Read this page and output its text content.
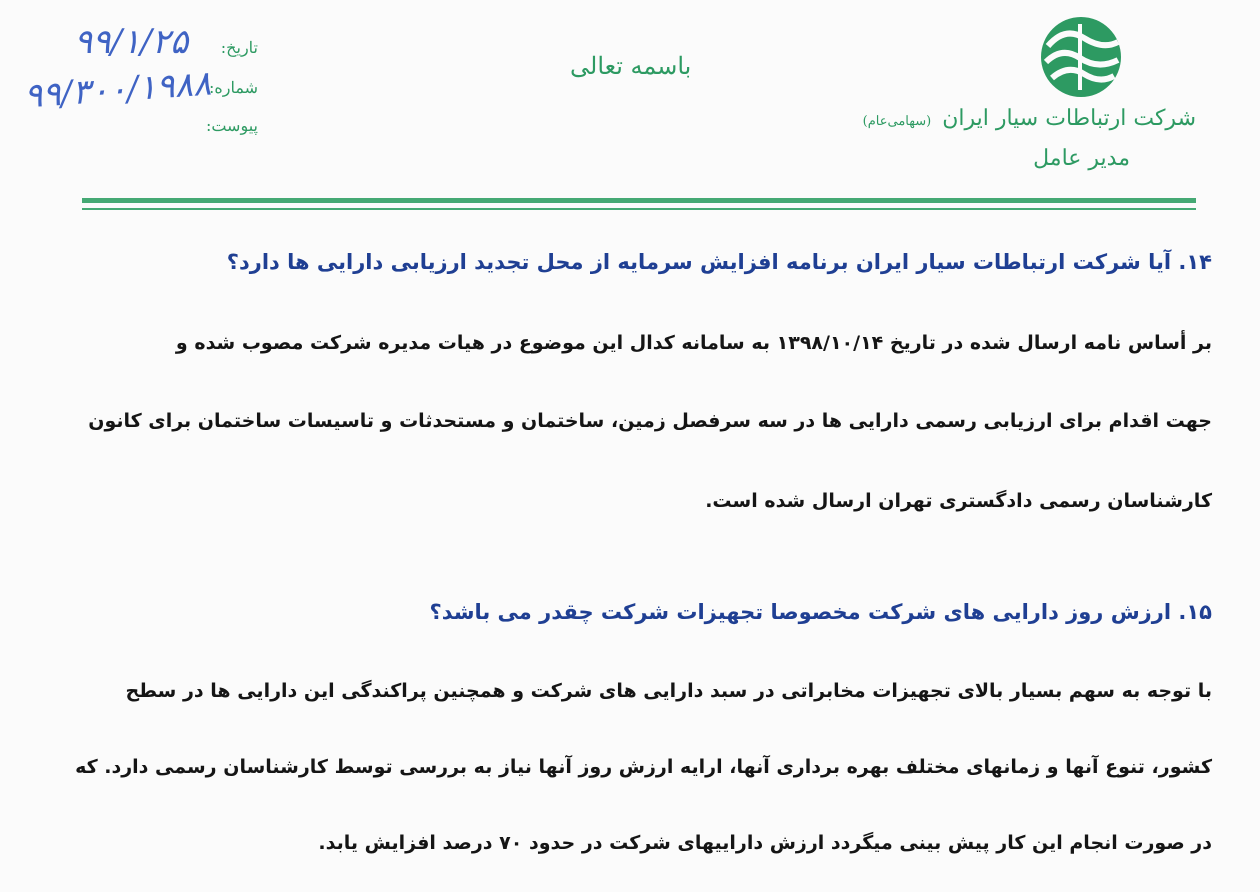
شرکت ارتباطات سیار ایران (سهامی‌عام)
مدیر عامل
باسمه تعالی
تاریخ:
شماره:
پیوست:
۹۹/۱/۲۵
۹۹/۳۰۰/۱۹۸۸
۱۴. آیا شرکت ارتباطات سیار ایران برنامه افزایش سرمایه از محل تجدید ارزیابی دارایی ها دارد؟
بر أساس نامه ارسال شده در تاریخ ۱۳۹۸/۱۰/۱۴ به سامانه کدال این موضوع در هیات مدیره شرکت مصوب شده و
جهت اقدام برای ارزیابی رسمی دارایی ها در سه سرفصل زمین، ساختمان و مستحدثات و تاسیسات ساختمان برای کانون
کارشناسان رسمی دادگستری تهران ارسال شده است.
۱۵. ارزش روز دارایی های شرکت مخصوصا تجهیزات شرکت چقدر می باشد؟
با توجه به سهم بسیار بالای تجهیزات مخابراتی در سبد دارایی های شرکت و همچنین پراکندگی این دارایی ها در سطح
کشور، تنوع آنها و زمانهای مختلف بهره برداری آنها، ارایه ارزش روز آنها نیاز به بررسی توسط کارشناسان رسمی دارد. که
در صورت انجام این کار پیش بینی میگردد ارزش داراییهای شرکت در حدود ۷۰ درصد افزایش یابد.
